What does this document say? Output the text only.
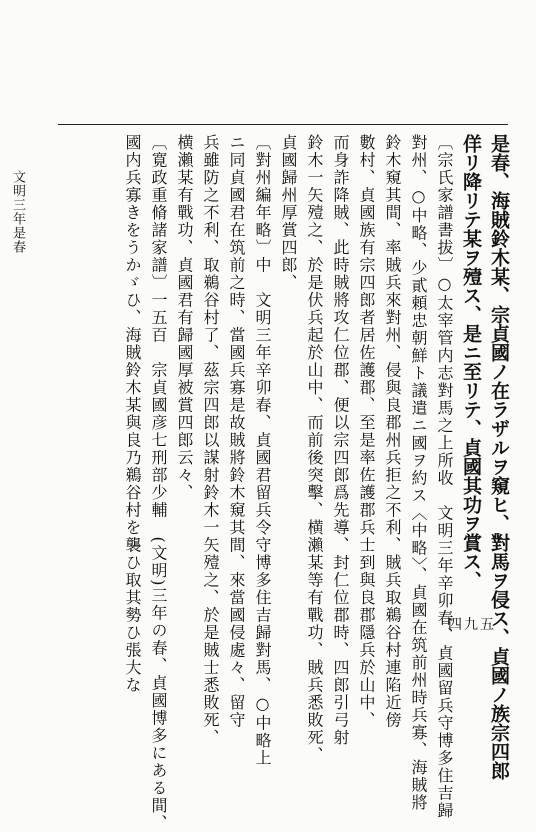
文明三年是春
四九五
是春、海賊鈴木某、宗貞國ノ在ラザルヲ窺ヒ、對馬ヲ侵ス、貞國ノ族宗四郎
佯リ降リテ某ヲ殪ス、是ニ至リテ、貞國其功ヲ賞ス、
〔宗氏家譜書拔〕○太宰管内志對馬之上所收　文明三年辛卯春、貞國留兵守博多住吉歸
對州、○中略、少貳頼忠朝鮮ト議遣ニ國ヲ約ス〈中略〉、貞國在筑前州時兵寡、海賊將
鈴木窺其間、率賊兵來對州、侵與良郡州兵拒之不利、賊兵取鵜谷村連陷近傍
數村、貞國族有宗四郎者居佐護郡、至是率佐護郡兵士到與良郡隱兵於山中、
而身詐降賊、此時賊將攻仁位郡、便以宗四郎爲先導、封仁位郡時、四郎引弓射
鈴木一矢殪之、於是伏兵起於山中、而前後突擊、横瀨某等有戰功、賊兵悉敗死、
貞國歸州厚賞四郎、
〔對州編年略〕中　文明三年辛卯春、貞國君留兵令守博多住吉歸對馬、○中略上
ニ同貞國君在筑前之時、當國兵寡是故賊將鈴木窺其間、來當國侵處々、留守
兵雖防之不利、取鵜谷村了、茲宗四郎以謀射鈴木一矢殪之、於是賊士悉敗死、
横瀨某有戰功、貞國君有歸國厚被賞四郎云々、
〔寛政重脩諸家譜〕一五百　宗貞國彦七刑部少輔　(文明)三年の春、貞國博多にある間、
國内兵寡きをうかゞひ、海賊鈴木某與良乃鵜谷村を襲ひ取其勢ひ張大な
